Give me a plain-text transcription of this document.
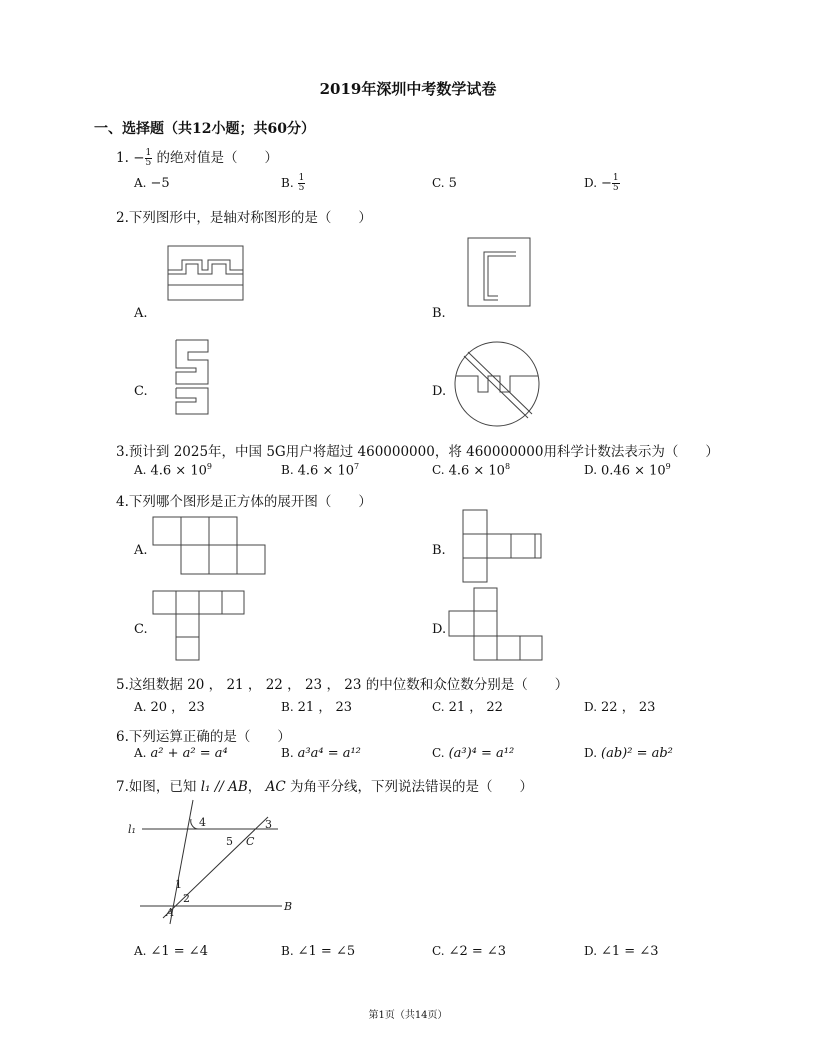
2019年深圳中考数学试卷
一、选择题（共12小题；共60分）
1. − $\frac{1}{5}$ 的绝对值是（　　）
A. −5	B. $\frac{1}{5}$	C. 5	D. − $\frac{1}{5}$
2.下列图形中，是轴对称图形的是（　　）
A.	B.
C.	D.
3.预计到 2025年，中国 5G用户将超过 460000000，将 460000000用科学计数法表示为（　　）
A. $4.6 \times 10^9$	B. $4.6 \times 10^7$	C. $4.6 \times 10^8$	D. $0.46 \times 10^9$
4.下列哪个图形是正方体的展开图（　　）
A.	B.
C.	D.
5.这组数据 20 ， 21 ， 22 ， 23 ， 23 的中位数和众位数分别是（　　）
A. 20 ， 23	B. 21 ， 23	C. 21 ， 22	D. 22 ， 23
6.下列运算正确的是（　　）
A. a² + a² = a⁴	B. a³a⁴ = a¹²	C. (a³)⁴ = a¹²	D. (ab)² = ab²
7.如图，已知 l₁ // AB， AC 为角平分线，下列说法错误的是（　　）
l₁
4	3
5 C
1
2
A	B
A. ∠1 = ∠4	B. ∠1 = ∠5	C. ∠2 = ∠3	D. ∠1 = ∠3
第1页（共14页）
